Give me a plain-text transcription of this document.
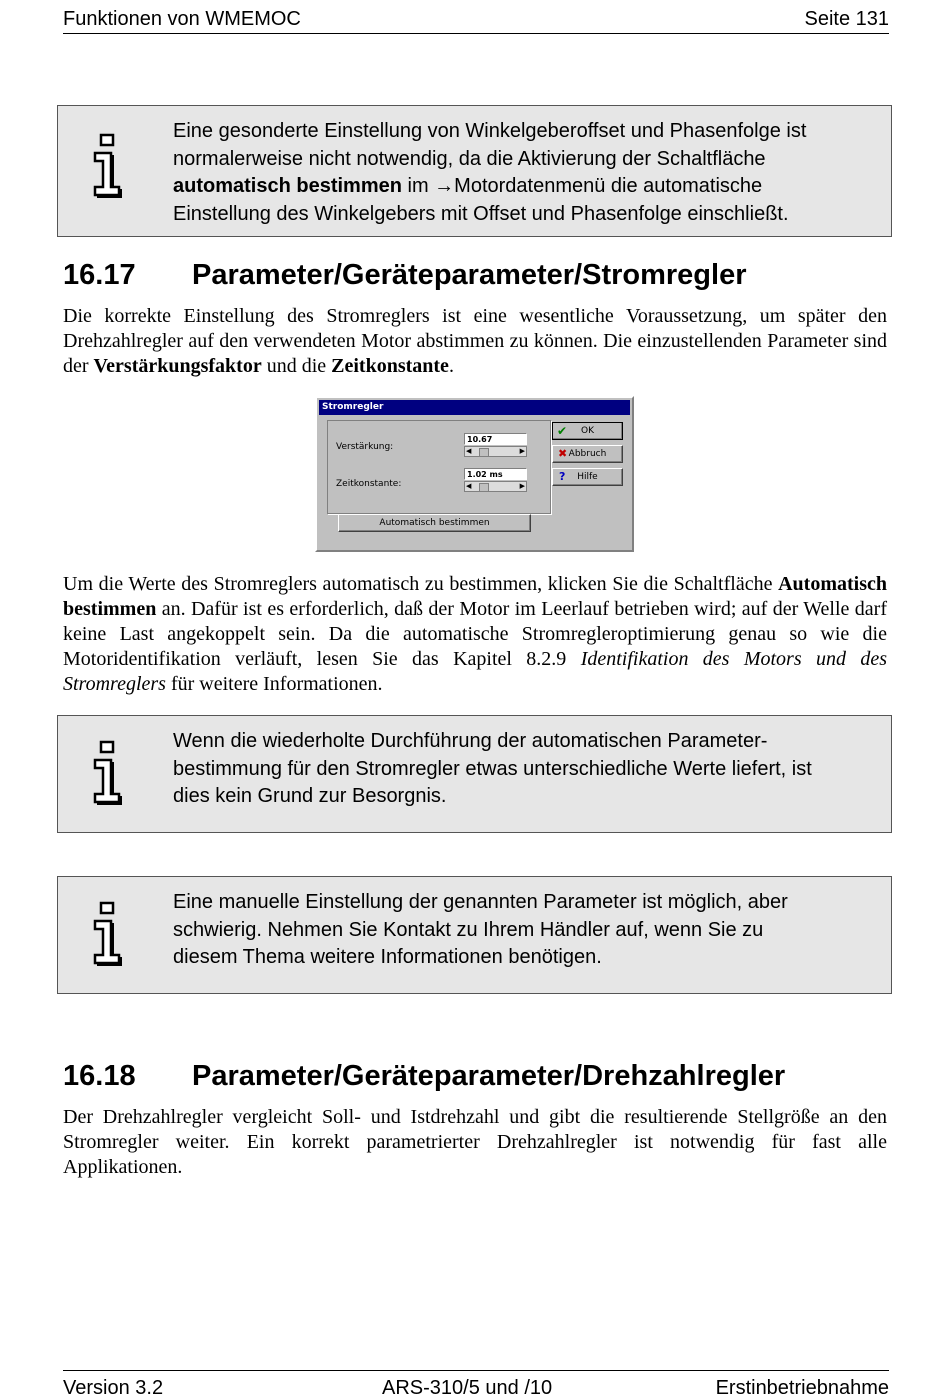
Funktionen von WMEMOC	Seite 131
Eine gesonderte Einstellung von Winkelgeberoffset und Phasenfolge ist
normalerweise nicht notwendig, da die Aktivierung der Schaltfläche
automatisch bestimmen im →Motordatenmenü die automatische
Einstellung des Winkelgebers mit Offset und Phasenfolge einschließt.
16.17 Parameter/Geräteparameter/Stromregler
Die korrekte Einstellung des Stromreglers ist eine wesentliche Voraussetzung, um später den Drehzahlregler auf den verwendeten Motor abstimmen zu können. Die einzustellenden Parameter sind der Verstärkungsfaktor und die Zeitkonstante.
Stromregler
Verstärkung:
10.67
◀	▶
Zeitkonstante:
1.02 ms
◀	▶
Automatisch bestimmen
✔ OK
✖ Abbruch
? Hilfe
Um die Werte des Stromreglers automatisch zu bestimmen, klicken Sie die Schaltfläche Automatisch bestimmen an. Dafür ist es erforderlich, daß der Motor im Leerlauf betrieben wird; auf der Welle darf keine Last angekoppelt sein. Da die automatische Stromregleroptimierung genau so wie die Motoridentifikation verläuft, lesen Sie das Kapitel 8.2.9 Identifikation des Motors und des Stromreglers für weitere Informationen.
Wenn die wiederholte Durchführung der automatischen Parameter-
bestimmung für den Stromregler etwas unterschiedliche Werte liefert, ist
dies kein Grund zur Besorgnis.
Eine manuelle Einstellung der genannten Parameter ist möglich, aber
schwierig. Nehmen Sie Kontakt zu Ihrem Händler auf, wenn Sie zu
diesem Thema weitere Informationen benötigen.
16.18 Parameter/Geräteparameter/Drehzahlregler
Der Drehzahlregler vergleicht Soll- und Istdrehzahl und gibt die resultierende Stellgröße an den Stromregler weiter. Ein korrekt parametrierter Drehzahlregler ist notwendig für fast alle Applikationen.
Version 3.2	ARS-310/5 und /10	Erstinbetriebnahme
